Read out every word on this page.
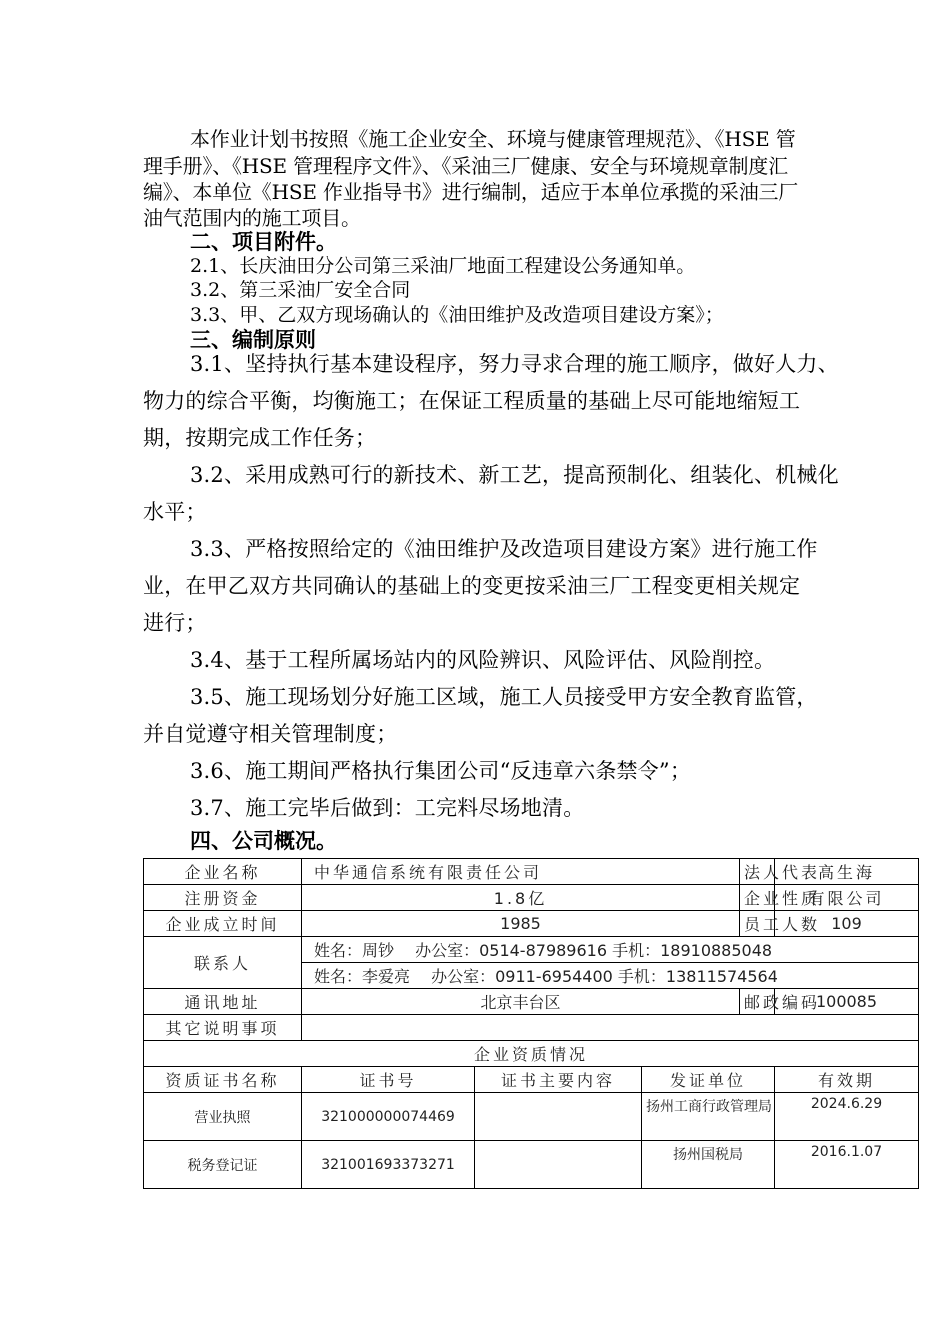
本作业计划书按照《施工企业安全、环境与健康管理规范》、《HSE 管
理手册》、《HSE 管理程序文件》、《采油三厂健康、安全与环境规章制度汇
编》、本单位《HSE 作业指导书》进行编制，适应于本单位承揽的采油三厂
油气范围内的施工项目。
二、项目附件。
2.1、长庆油田分公司第三采油厂地面工程建设公务通知单。
3.2、第三采油厂安全合同
3.3、甲、乙双方现场确认的《油田维护及改造项目建设方案》；
三、编制原则
3.1、坚持执行基本建设程序，努力寻求合理的施工顺序，做好人力、
物力的综合平衡，均衡施工；在保证工程质量的基础上尽可能地缩短工
期，按期完成工作任务；
3.2、采用成熟可行的新技术、新工艺，提高预制化、组装化、机械化
水平；
3.3、严格按照给定的《油田维护及改造项目建设方案》进行施工作
业，在甲乙双方共同确认的基础上的变更按采油三厂工程变更相关规定
进行；
3.4、基于工程所属场站内的风险辨识、风险评估、风险削控。
3.5、施工现场划分好施工区域，施工人员接受甲方安全教育监管，
并自觉遵守相关管理制度；
3.6、施工期间严格执行集团公司“反违章六条禁令”；
3.7、施工完毕后做到：工完料尽场地清。
四、公司概况。
企业名称	中华通信系统有限责任公司			法人代表	高生海
注册资金	1.8亿			企业性质	有限公司
企业成立时间	1985			员工人数	109
联系人	姓名：周钞　 办公室：0514-87989616 手机：18910885048				
	姓名：李爱亮　 办公室：0911-6954400 手机：13811574564				
通讯地址	北京丰台区			邮政编码	100085
其它说明事项					
企业资质情况					
资质证书名称	证书号	证书主要内容	发证单位		有效期
营业执照	321000000074469		扬州工商行政管理局		2024.6.29
税务登记证	321001693373271		扬州国税局		2016.1.07
